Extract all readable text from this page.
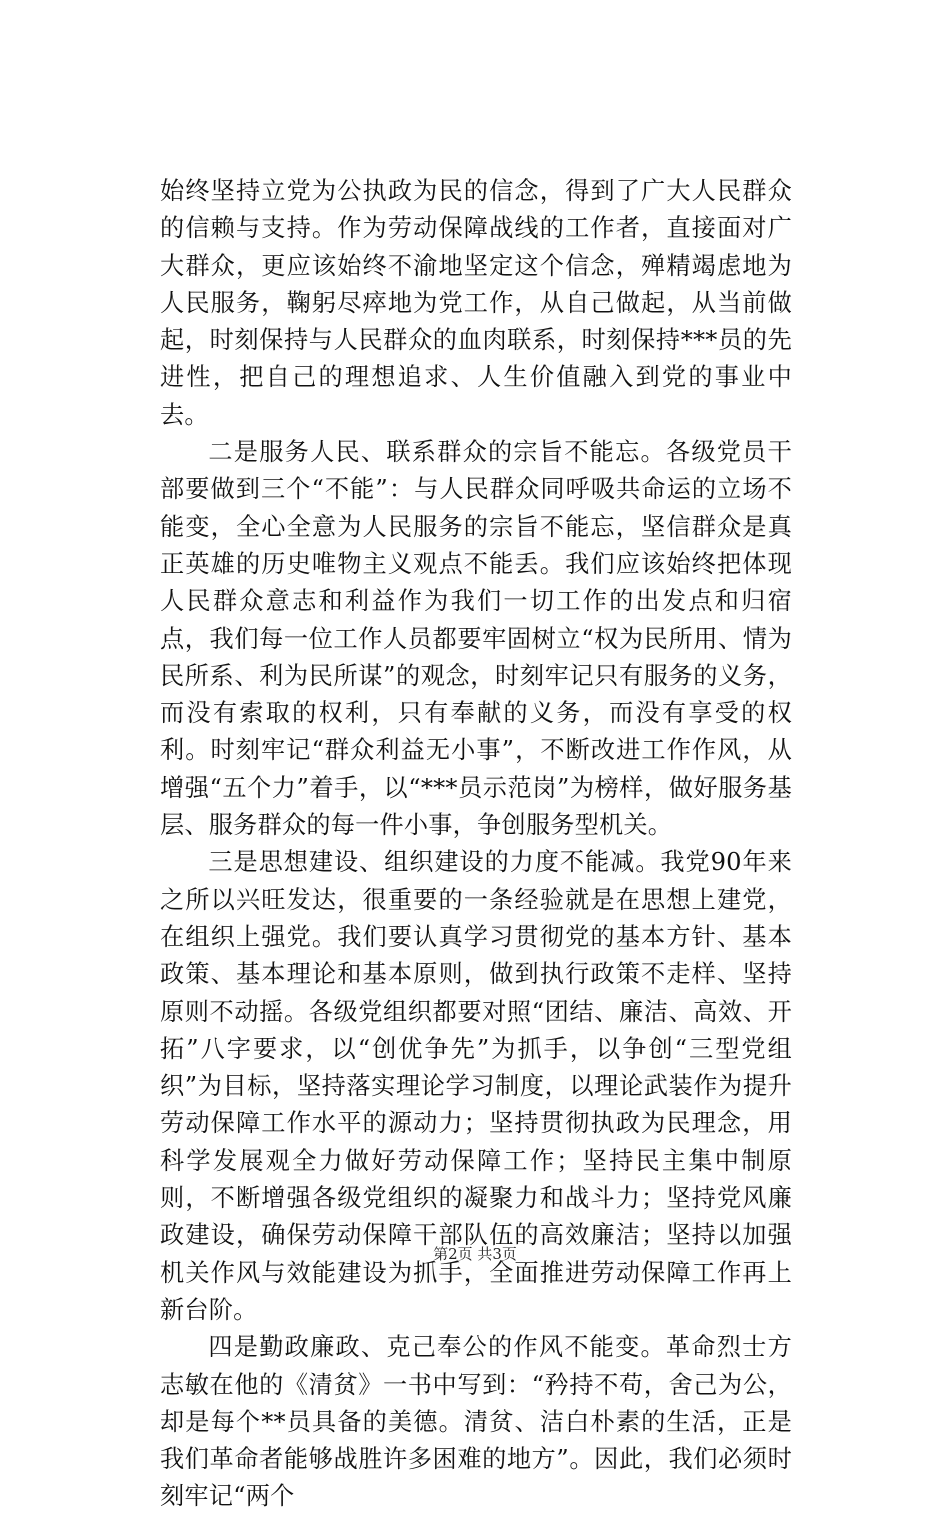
始终坚持立党为公执政为民的信念，得到了广大人民群众的信赖与支持。作为劳动保障战线的工作者，直接面对广大群众，更应该始终不渝地坚定这个信念，殚精竭虑地为人民服务，鞠躬尽瘁地为党工作，从自己做起，从当前做起，时刻保持与人民群众的血肉联系，时刻保持***员的先进性，把自己的理想追求、人生价值融入到党的事业中去。

二是服务人民、联系群众的宗旨不能忘。各级党员干部要做到三个“不能”：与人民群众同呼吸共命运的立场不能变，全心全意为人民服务的宗旨不能忘，坚信群众是真正英雄的历史唯物主义观点不能丢。我们应该始终把体现人民群众意志和利益作为我们一切工作的出发点和归宿点，我们每一位工作人员都要牢固树立“权为民所用、情为民所系、利为民所谋”的观念，时刻牢记只有服务的义务，而没有索取的权利，只有奉献的义务，而没有享受的权利。时刻牢记“群众利益无小事”，不断改进工作作风，从增强“五个力”着手，以“***员示范岗”为榜样，做好服务基层、服务群众的每一件小事，争创服务型机关。

三是思想建设、组织建设的力度不能减。我党90年来之所以兴旺发达，很重要的一条经验就是在思想上建党，在组织上强党。我们要认真学习贯彻党的基本方针、基本政策、基本理论和基本原则，做到执行政策不走样、坚持原则不动摇。各级党组织都要对照“团结、廉洁、高效、开拓”八字要求，以“创优争先”为抓手，以争创“三型党组织”为目标，坚持落实理论学习制度，以理论武装作为提升劳动保障工作水平的源动力；坚持贯彻执政为民理念，用科学发展观全力做好劳动保障工作；坚持民主集中制原则，不断增强各级党组织的凝聚力和战斗力；坚持党风廉政建设，确保劳动保障干部队伍的高效廉洁；坚持以加强机关作风与效能建设为抓手，全面推进劳动保障工作再上新台阶。

四是勤政廉政、克己奉公的作风不能变。革命烈士方志敏在他的《清贫》一书中写到：“矜持不苟，舍己为公，却是每个**员具备的美德。清贫、洁白朴素的生活，正是我们革命者能够战胜许多困难的地方”。因此，我们必须时刻牢记“两个

第2页 共3页
